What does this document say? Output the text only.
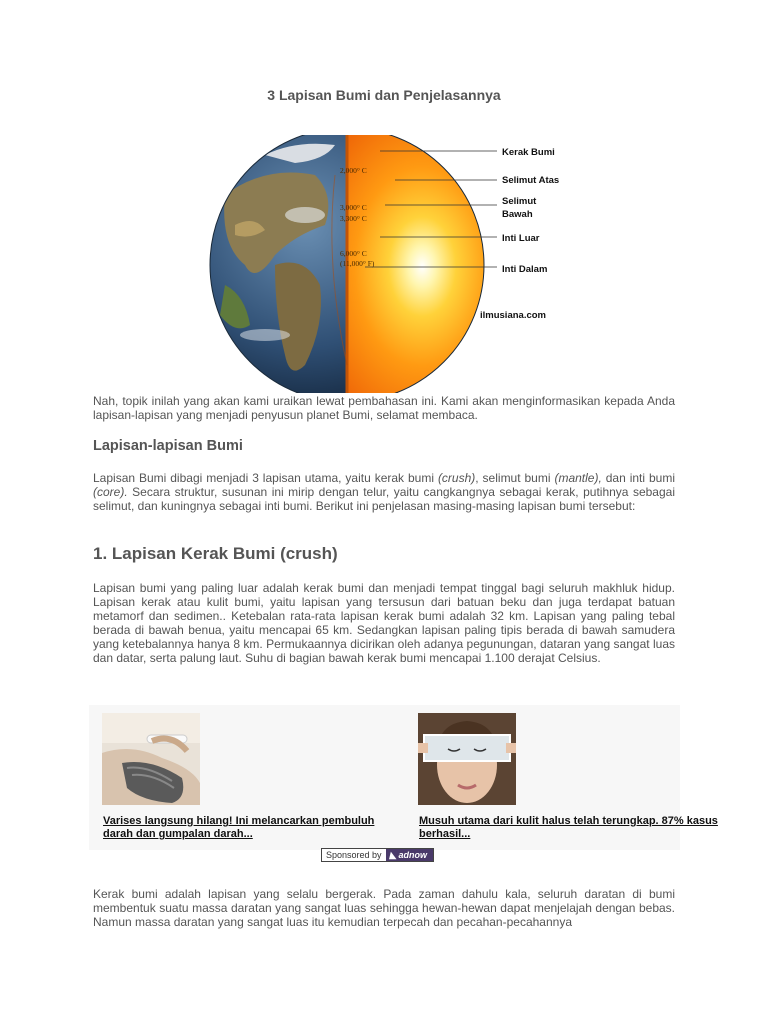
3 Lapisan Bumi dan Penjelasannya
2,000° C
3,000° C
3,300° C
6,000° C
(11,000° F)
Kerak Bumi
Selimut Atas
Selimut
Bawah
Inti Luar
Inti Dalam
ilmusiana.com

Nah, topik inilah yang akan kami uraikan lewat pembahasan ini. Kami akan menginformasikan kepada Anda lapisan-lapisan yang menjadi penyusun planet Bumi, selamat membaca.

Lapisan-lapisan Bumi

Lapisan Bumi dibagi menjadi 3 lapisan utama, yaitu kerak bumi (crush), selimut bumi (mantle), dan inti bumi (core). Secara struktur, susunan ini mirip dengan telur, yaitu cangkangnya sebagai kerak, putihnya sebagai selimut, dan kuningnya sebagai inti bumi. Berikut ini penjelasan masing-masing lapisan bumi tersebut:

1. Lapisan Kerak Bumi (crush)

Lapisan bumi yang paling luar adalah kerak bumi dan menjadi tempat tinggal bagi seluruh makhluk hidup. Lapisan kerak atau kulit bumi, yaitu lapisan yang tersusun dari batuan beku dan juga terdapat batuan metamorf dan sedimen.. Ketebalan rata-rata lapisan kerak bumi adalah 32 km. Lapisan yang paling tebal berada di bawah benua, yaitu mencapai 65 km. Sedangkan lapisan paling tipis berada di bawah samudera yang ketebalannya hanya 8 km. Permukaannya dicirikan oleh adanya pegunungan, dataran yang sangat luas dan datar, serta palung laut. Suhu di bagian bawah kerak bumi mencapai 1.100 derajat Celsius.

Varises langsung hilang! Ini melancarkan pembuluh darah dan gumpalan darah...
Musuh utama dari kulit halus telah terungkap. 87% kasus berhasil...
Sponsored by ◣ adnow

Kerak bumi adalah lapisan yang selalu bergerak. Pada zaman dahulu kala, seluruh daratan di bumi membentuk suatu massa daratan yang sangat luas sehingga hewan-hewan dapat menjelajah dengan bebas. Namun massa daratan yang sangat luas itu kemudian terpecah dan pecahan-pecahannya
